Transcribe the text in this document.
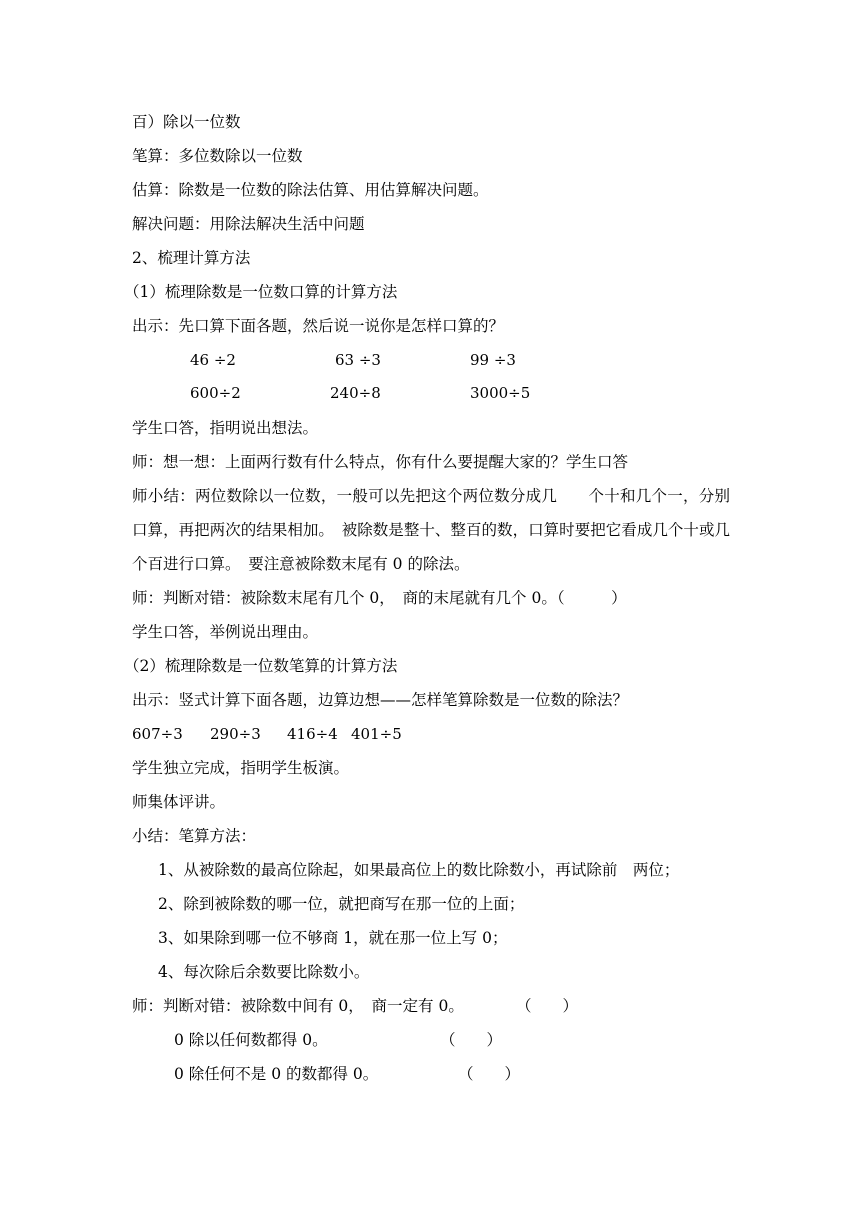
百）除以一位数
笔算：多位数除以一位数
估算：除数是一位数的除法估算、用估算解决问题。
解决问题：用除法解决生活中问题
2、梳理计算方法
（1）梳理除数是一位数口算的计算方法
出示：先口算下面各题，然后说一说你是怎样口算的？
46 ÷2	63 ÷3	99 ÷3
600÷2	240÷8	3000÷5
学生口答，指明说出想法。
师：想一想：上面两行数有什么特点，你有什么要提醒大家的？学生口答
师小结：两位数除以一位数，一般可以先把这个两位数分成几　　个十和几个一，分别口算，再把两次的结果相加。　被除数是整十、整百的数，口算时要把它看成几个十或几个百进行口算。　要注意被除数末尾有 0 的除法。
师：判断对错：被除数末尾有几个 0，　商的末尾就有几个 0。（　　　）
学生口答，举例说出理由。
（2）梳理除数是一位数笔算的计算方法
出示：竖式计算下面各题，边算边想——怎样笔算除数是一位数的除法？
607÷3 290÷3 416÷4 401÷5
学生独立完成，指明学生板演。
师集体评讲。
小结：笔算方法：
1、从被除数的最高位除起，如果最高位上的数比除数小，再试除前　两位；
2、除到被除数的哪一位，就把商写在那一位的上面；
3、如果除到哪一位不够商 1，就在那一位上写 0；
4、每次除后余数要比除数小。
师：判断对错：被除数中间有 0，　商一定有 0。	（　　）
0 除以任何数都得 0。	（　　）
0 除任何不是 0 的数都得 0。	（　　）
